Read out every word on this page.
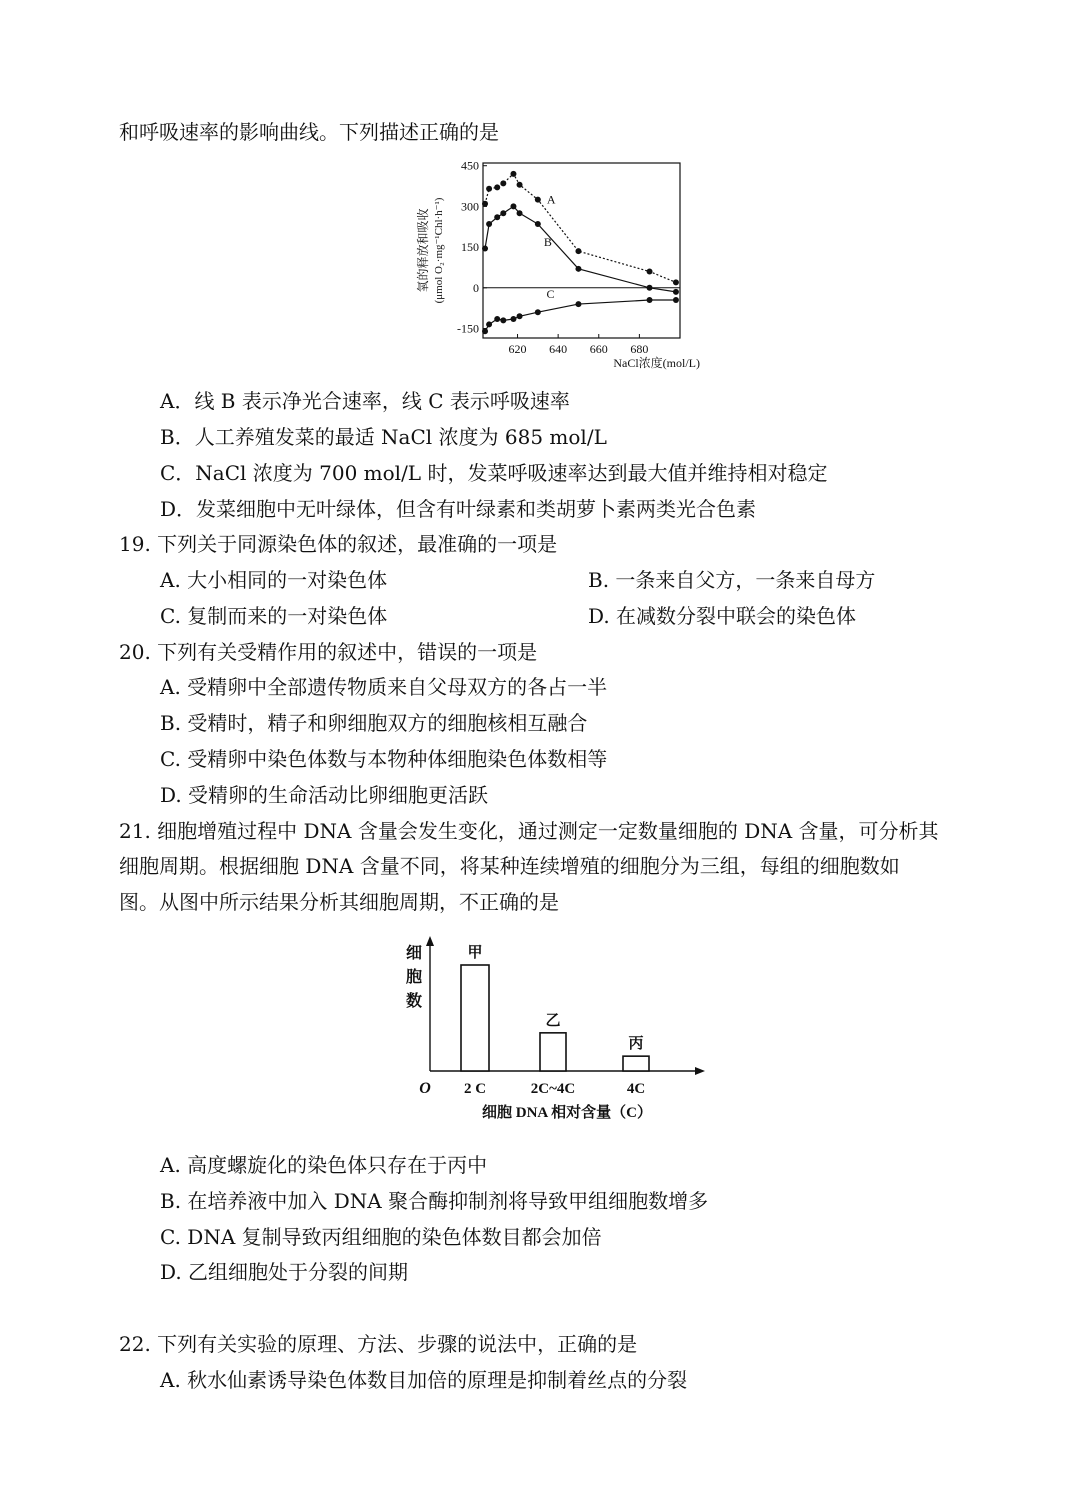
和呼吸速率的影响曲线。下列描述正确的是
450
300
150
0
-150
620 640 660 680
NaCl浓度(mol/L)
氧的释放和吸收 (μmol O₂·mg⁻¹Chl·h⁻¹)	A
B
C
A．线 B 表示净光合速率，线 C 表示呼吸速率
B．人工养殖发菜的最适 NaCl 浓度为 685 mol/L
C．NaCl 浓度为 700 mol/L 时，发菜呼吸速率达到最大值并维持相对稳定
D．发菜细胞中无叶绿体，但含有叶绿素和类胡萝卜素两类光合色素
19. 下列关于同源染色体的叙述，最准确的一项是
A. 大小相同的一对染色体	B. 一条来自父方，一条来自母方
C. 复制而来的一对染色体	D. 在减数分裂中联会的染色体
20. 下列有关受精作用的叙述中，错误的一项是
A. 受精卵中全部遗传物质来自父母双方的各占一半
B. 受精时，精子和卵细胞双方的细胞核相互融合
C. 受精卵中染色体数与本物种体细胞染色体数相等
D. 受精卵的生命活动比卵细胞更活跃
21. 细胞增殖过程中 DNA 含量会发生变化，通过测定一定数量细胞的 DNA 含量，可分析其
细胞周期。根据细胞 DNA 含量不同，将某种连续增殖的细胞分为三组，每组的细胞数如
图。从图中所示结果分析其细胞周期，不正确的是
细
胞
数
O
甲
2 C
乙
2C~4C
丙
4C
细胞 DNA 相对含量（C）
A. 高度螺旋化的染色体只存在于丙中
B. 在培养液中加入 DNA 聚合酶抑制剂将导致甲组细胞数增多
C. DNA 复制导致丙组细胞的染色体数目都会加倍
D. 乙组细胞处于分裂的间期
22. 下列有关实验的原理、方法、步骤的说法中，正确的是
A. 秋水仙素诱导染色体数目加倍的原理是抑制着丝点的分裂
